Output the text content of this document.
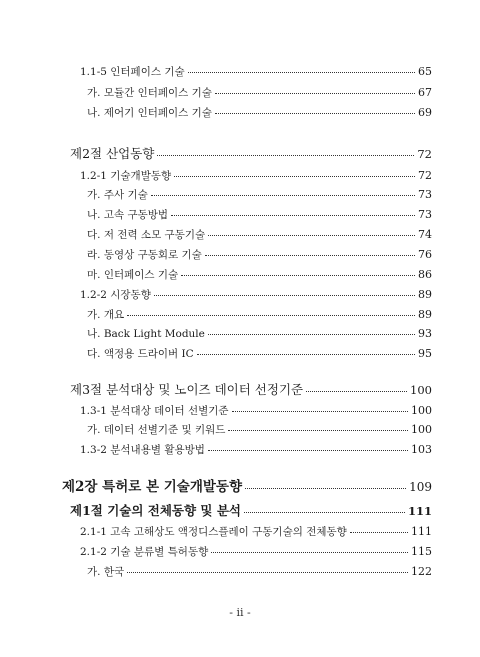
1.1-5 인터페이스 기술	65
가. 모듈간 인터페이스 기술	67
나. 제어기 인터페이스 기술	69
제2절 산업동향	72
1.2-1 기술개발동향	72
가. 주사 기술	73
나. 고속 구동방법	73
다. 저 전력 소모 구동기술	74
라. 동영상 구동회로 기술	76
마. 인터페이스 기술	86
1.2-2 시장동향	89
가. 개요	89
나. Back Light Module	93
다. 액정용 드라이버 IC	95
제3절 분석대상 및 노이즈 데이터 선정기준	100
1.3-1 분석대상 데이터 선별기준	100
가. 데이터 선별기준 및 키워드	100
1.3-2 분석내용별 활용방법	103
제2장 특허로 본 기술개발동향	109
제1절 기술의 전체동향 및 분석	111
2.1-1 고속 고해상도 액정디스플레이 구동기술의 전체동향	111
2.1-2 기술 분류별 특허동향	115
가. 한국	122
- ii -
